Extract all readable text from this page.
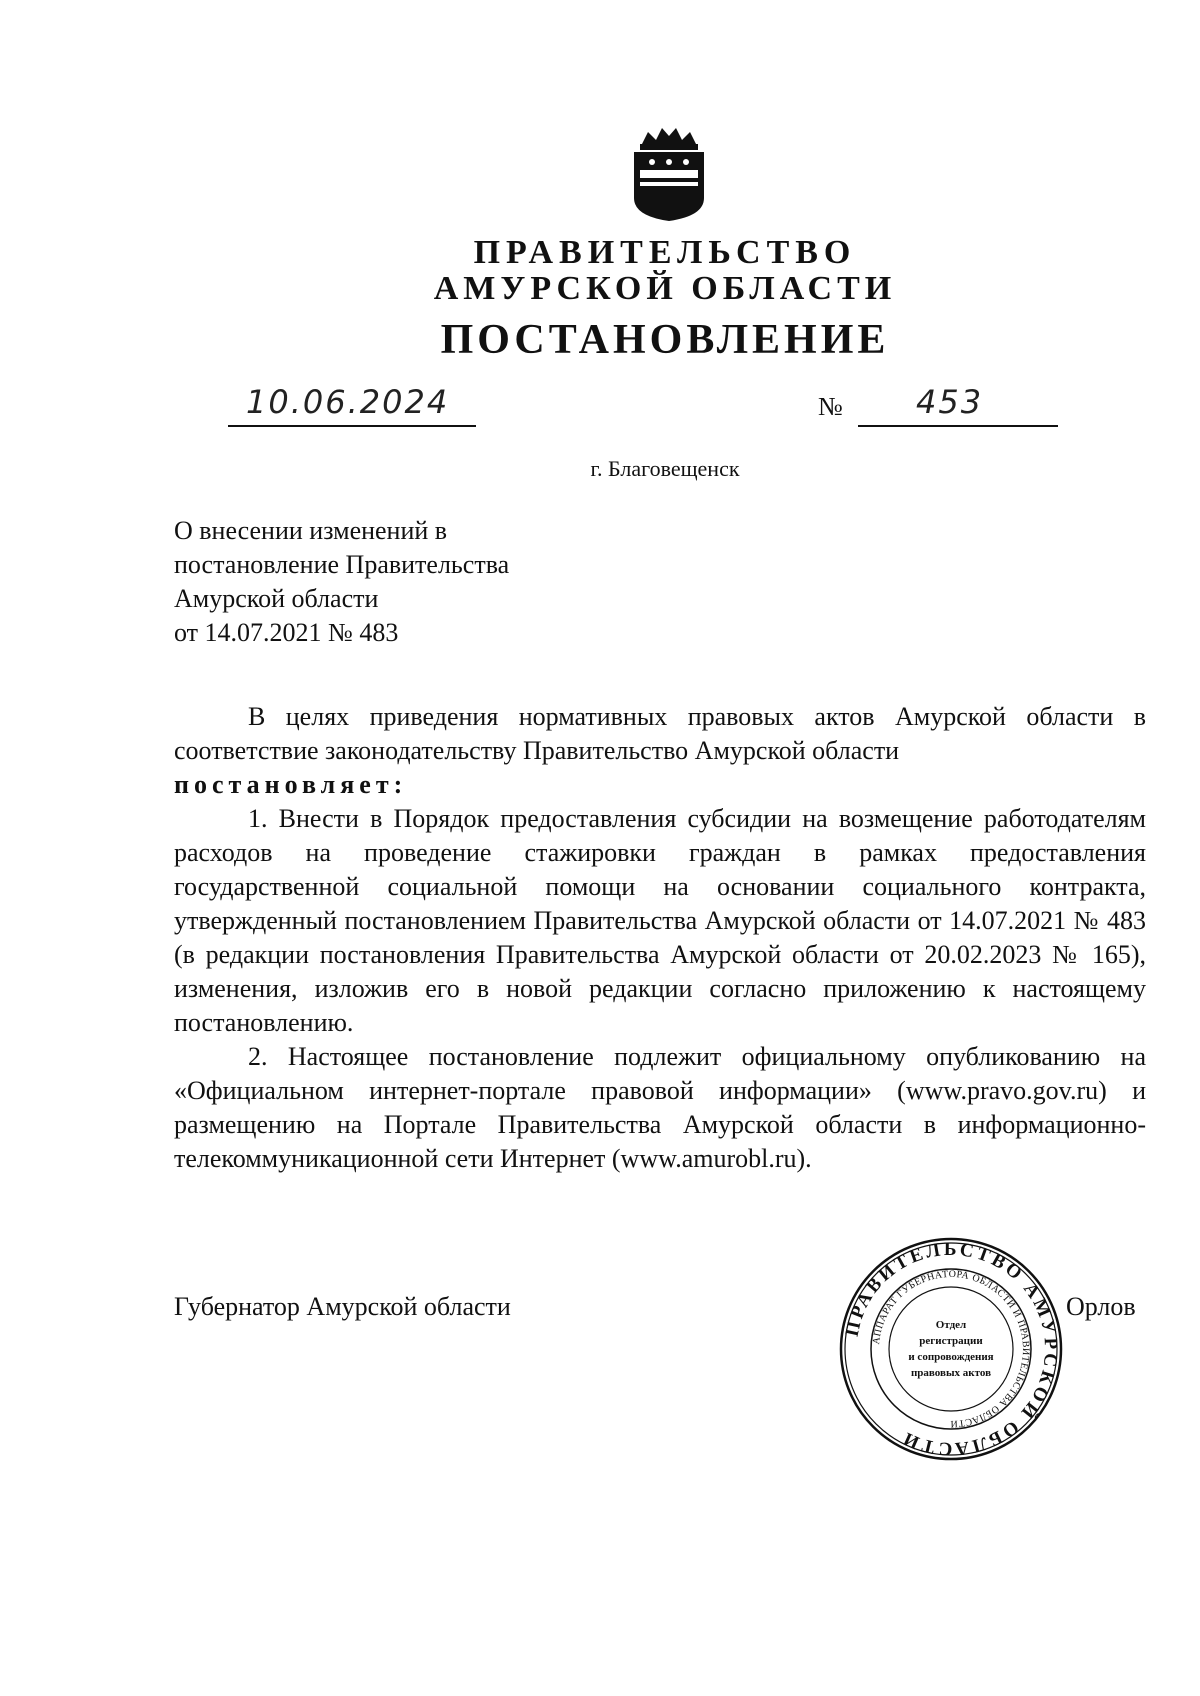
ПРАВИТЕЛЬСТВО
АМУРСКОЙ ОБЛАСТИ
ПОСТАНОВЛЕНИЕ
10.06.2024	№ 453
г. Благовещенск
О внесении изменений в
постановление Правительства
Амурской области
от 14.07.2021 № 483

В целях приведения нормативных правовых актов Амурской области в соответствие законодательству Правительство Амурской области

постановляет:

1. Внести в Порядок предоставления субсидии на возмещение работодателям расходов на проведение стажировки граждан в рамках предоставления государственной социальной помощи на основании социального контракта, утвержденный постановлением Правительства Амурской области от 14.07.2021 № 483 (в редакции постановления Правительства Амурской области от 20.02.2023 № 165), изменения, изложив его в новой редакции согласно приложению к настоящему постановлению.

2. Настоящее постановление подлежит официальному опубликованию на «Официальном интернет-портале правовой информации» (www.pravo.gov.ru) и размещению на Портале Правительства Амурской области в информационно-телекоммуникационной сети Интернет (www.amurobl.ru).

Губернатор Амурской области	Орлов
ПРАВИТЕЛЬСТВО АМУРСКОЙ ОБЛАСТИ
АППАРАТ ГУБЕРНАТОРА ОБЛАСТИ И ПРАВИТЕЛЬСТВА ОБЛАСТИ
Отдел
регистрации
и сопровождения
правовых актов
